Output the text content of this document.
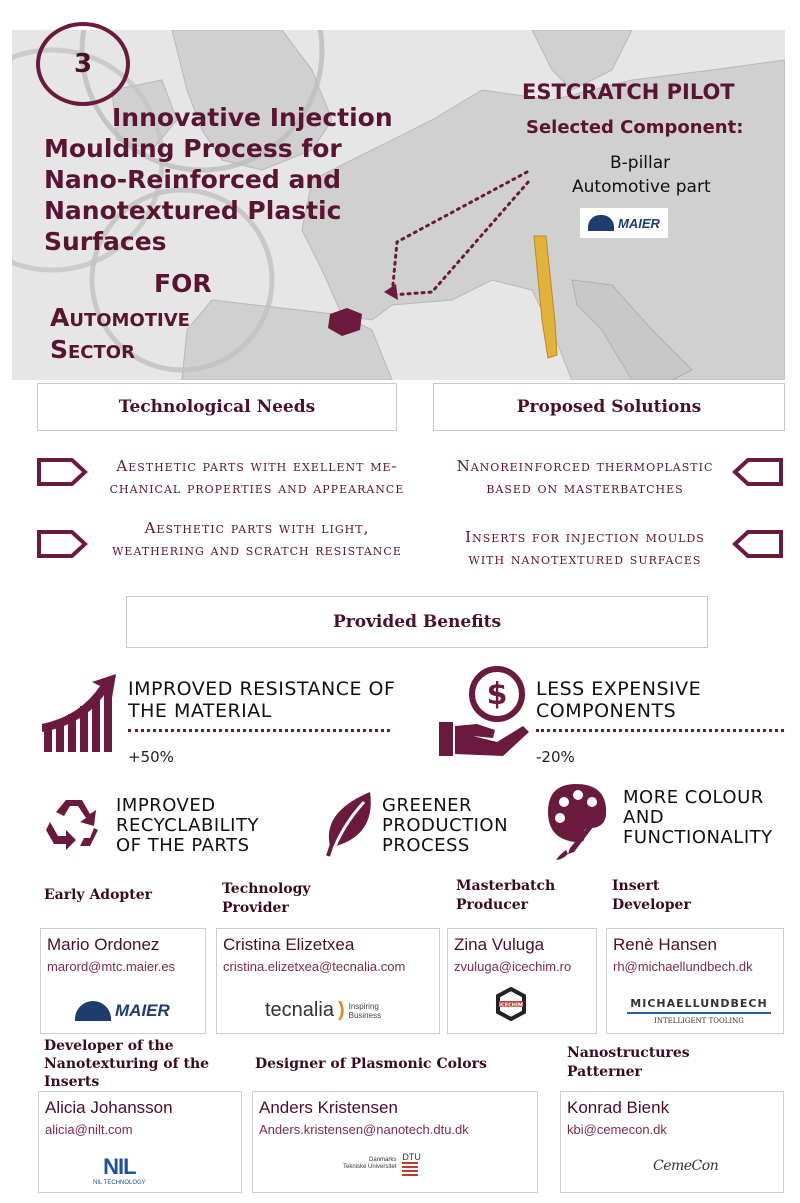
3
Innovative Injection
Moulding Process for
Nano-Reinforced and
Nanotextured Plastic
Surfaces
FOR
Automotive
Sector
ESTCRATCH PILOT
Selected Component:
B-pillar
Automotive part
MAIER
Technological Needs	Proposed Solutions
Aesthetic parts with exellent me-
chanical properties and appearance
Aesthetic parts with light,
weathering and scratch resistance
Nanoreinforced thermoplastic
based on masterbatches
Inserts for injection moulds
with nanotextured surfaces
Provided Benefits
IMPROVED RESISTANCE OF
THE MATERIAL
+50%
$ LESS EXPENSIVE
COMPONENTS
-20%
IMPROVED
RECYCLABILITY
OF THE PARTS
GREENER
PRODUCTION
PROCESS
MORE COLOUR
AND
FUNCTIONALITY
Early Adopter	Technology
Provider
Masterbatch
Producer
Insert
Developer
Mario Ordonez
marord@mtc.maier.es
MAIER
Cristina Elizetxea
cristina.elizetxea@tecnalia.com
tecnalia ) Inspiring
Business
Zina Vuluga
zvuluga@icechim.ro
ICECHIM
Renè Hansen
rh@michaellundbech.dk
MICHAELLUNDBECH
INTELLIGENT TOOLING
Developer of the
Nanotexturing of the
Inserts
Designer of Plasmonic Colors
Nanostructures
Patterner
Alicia Johansson
alicia@nilt.com
NIL
NIL TECHNOLOGY
Anders Kristensen
Anders.kristensen@nanotech.dtu.dk
Danmarks
Tekniske Universitet
DTU
Konrad Bienk
kbi@cemecon.dk
CemeCon
